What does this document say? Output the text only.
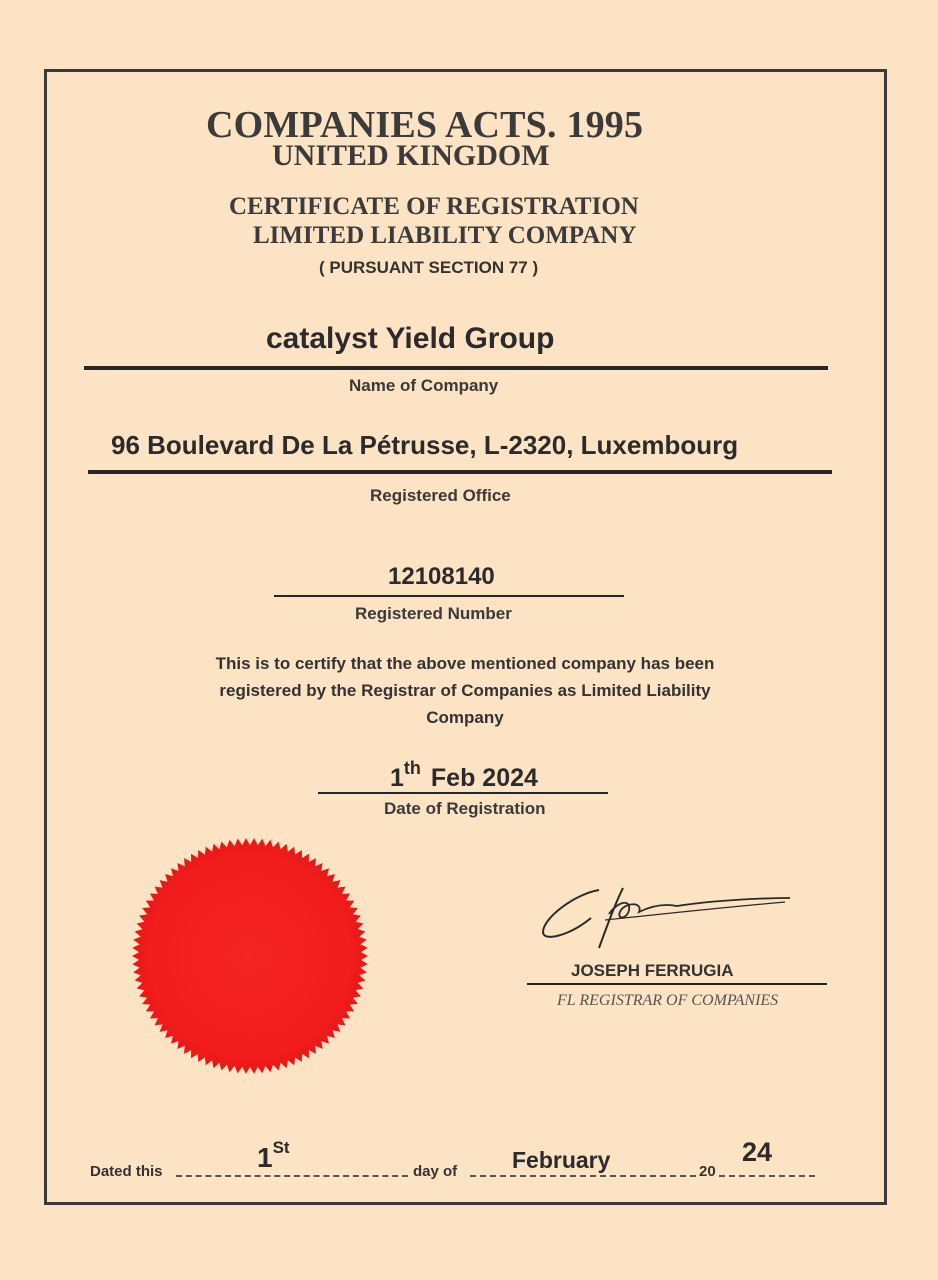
COMPANIES ACTS. 1995
UNITED KINGDOM
CERTIFICATE OF REGISTRATION
LIMITED LIABILITY COMPANY
( PURSUANT SECTION 77 )
catalyst Yield Group
Name of Company
96 Boulevard De La Pétrusse, L-2320, Luxembourg
Registered Office
12108140
Registered Number
This is to certify that the above mentioned company has been registered by the Registrar of Companies as Limited Liability Company
1th Feb 2024
Date of Registration
JOSEPH FERRUGIA
FL REGISTRAR OF COMPANIES
Dated this	1St
day of February	20
24
